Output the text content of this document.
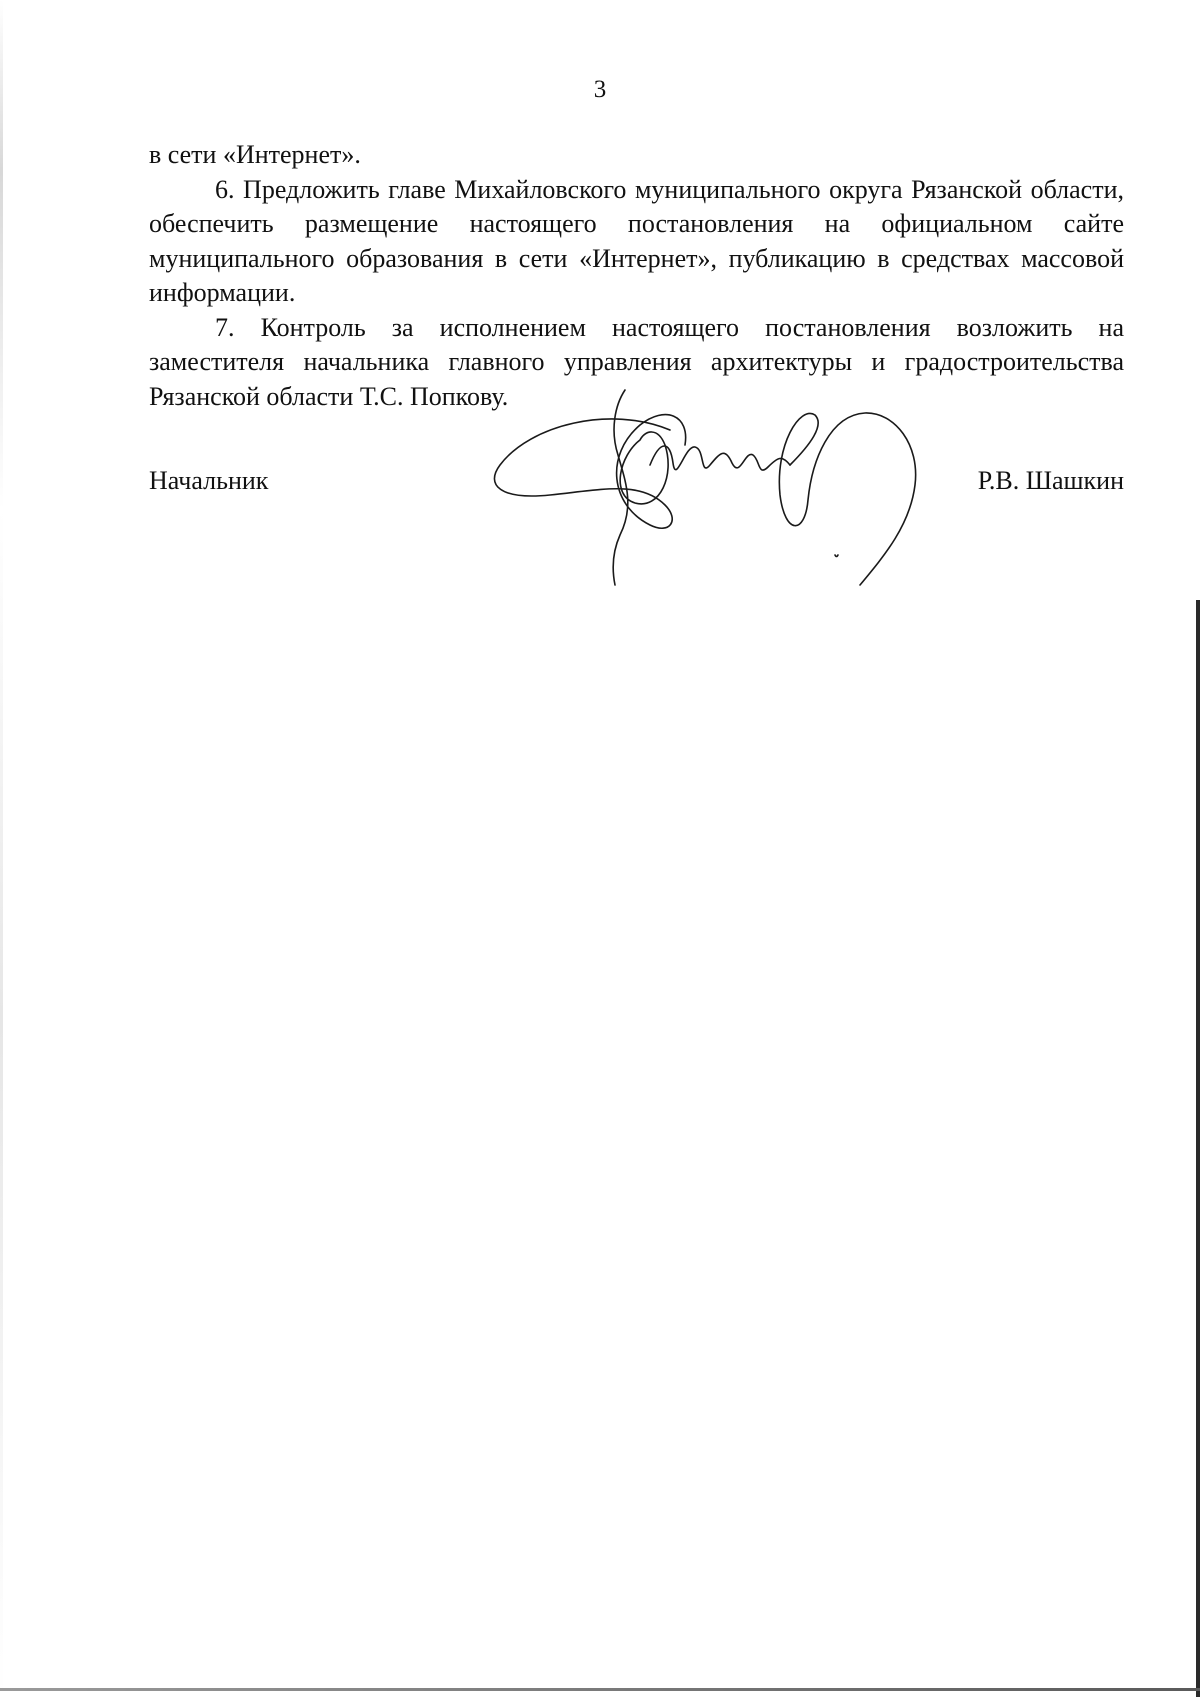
3

в сети «Интернет».

6. Предложить главе Михайловского муниципального округа Рязанской области, обеспечить размещение настоящего постановления на официальном сайте муниципального образования в сети «Интернет», публикацию в средствах массовой информации.

7. Контроль за исполнением настоящего постановления возложить на заместителя начальника главного управления архитектуры и градостроительства Рязанской области Т.С. Попкову.

Начальник	Р.В. Шашкин
